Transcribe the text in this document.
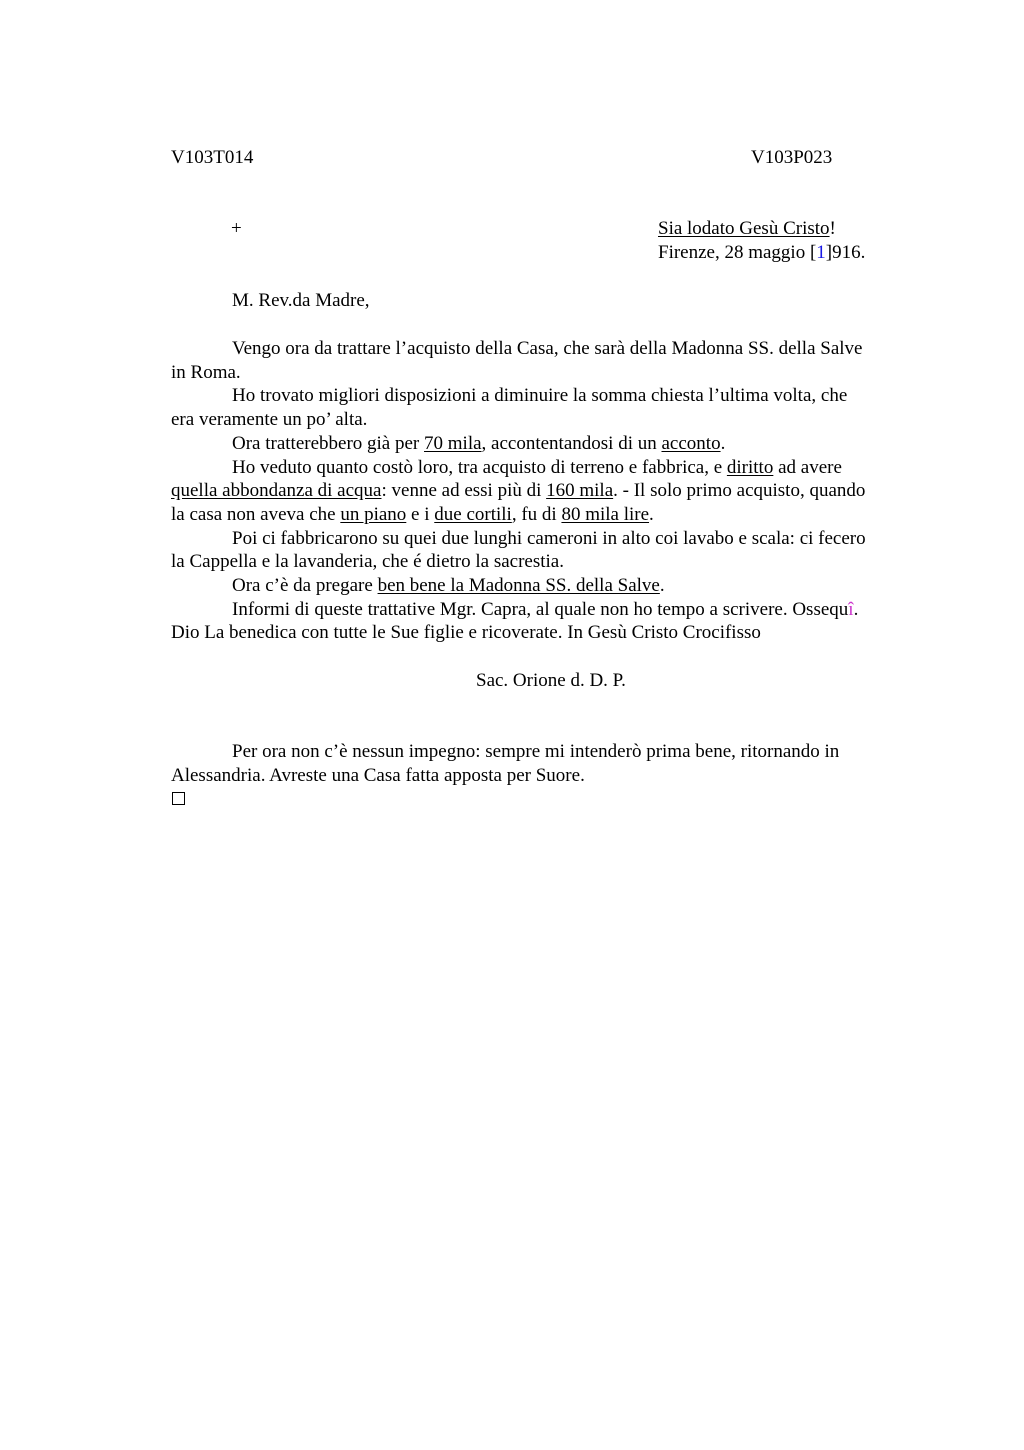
V103T014	V103P023
+	Sia lodato Gesù Cristo!
Firenze, 28 maggio [1]916.
M. Rev.da Madre,

Vengo ora da trattare l’acquisto della Casa, che sarà della Madonna SS. della Salve

in Roma.

Ho trovato migliori disposizioni a diminuire la somma chiesta l’ultima volta, che

era veramente un po’ alta.

Ora tratterebbero già per 70 mila, accontentandosi di un acconto.

Ho veduto quanto costò loro, tra acquisto di terreno e fabbrica, e diritto ad avere

quella abbondanza di acqua: venne ad essi più di 160 mila. - Il solo primo acquisto, quando
la casa non aveva che un piano e i due cortili, fu di 80 mila lire.

Poi ci fabbricarono su quei due lunghi cameroni in alto coi lavabo e scala: ci fecero

la Cappella e la lavanderia, che é dietro la sacrestia.

Ora c’è da pregare ben bene la Madonna SS. della Salve.

Informi di queste trattative Mgr. Capra, al quale non ho tempo a scrivere. Ossequî.

Dio La benedica con tutte le Sue figlie e ricoverate. In Gesù Cristo Crocifisso
Sac. Orione d. D. P.

Per ora non c’è nessun impegno: sempre mi intenderò prima bene, ritornando in

Alessandria. Avreste una Casa fatta apposta per Suore.
